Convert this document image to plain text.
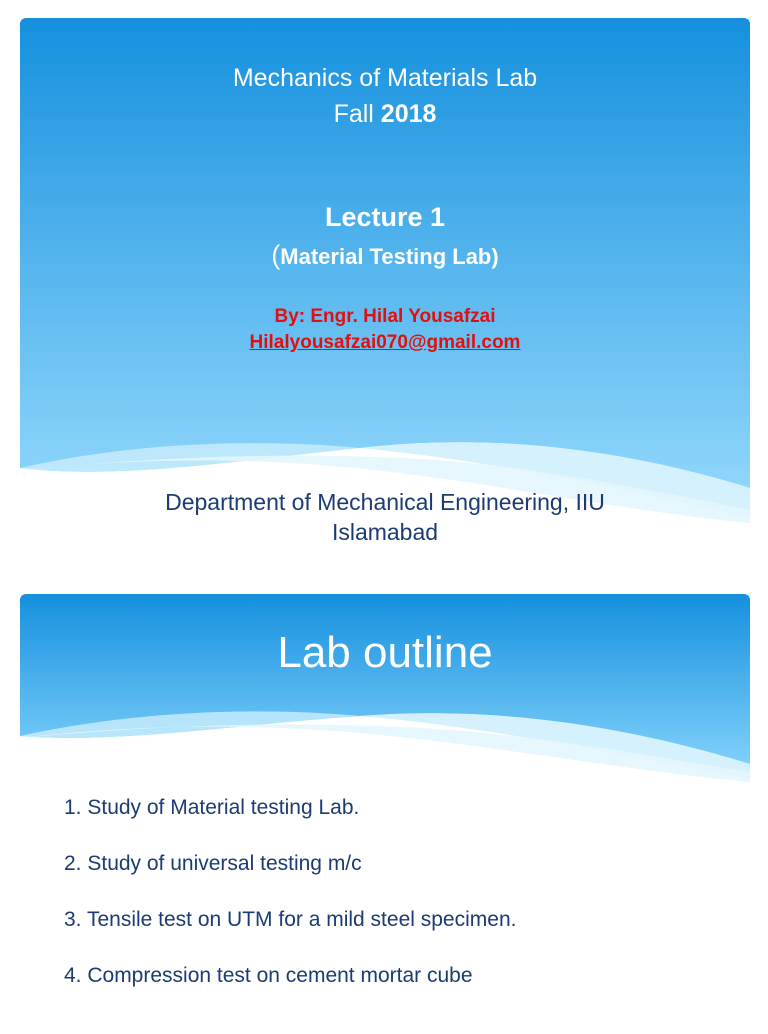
Mechanics of Materials Lab
Fall 2018
Lecture 1
(Material Testing Lab)
By: Engr. Hilal Yousafzai
Hilalyousafzai070@gmail.com
Department of Mechanical Engineering, IIU
Islamabad
Lab outline
1. Study of Material testing Lab.
2. Study of universal testing m/c
3. Tensile test on UTM for a mild steel specimen.
4. Compression test on cement mortar cube
